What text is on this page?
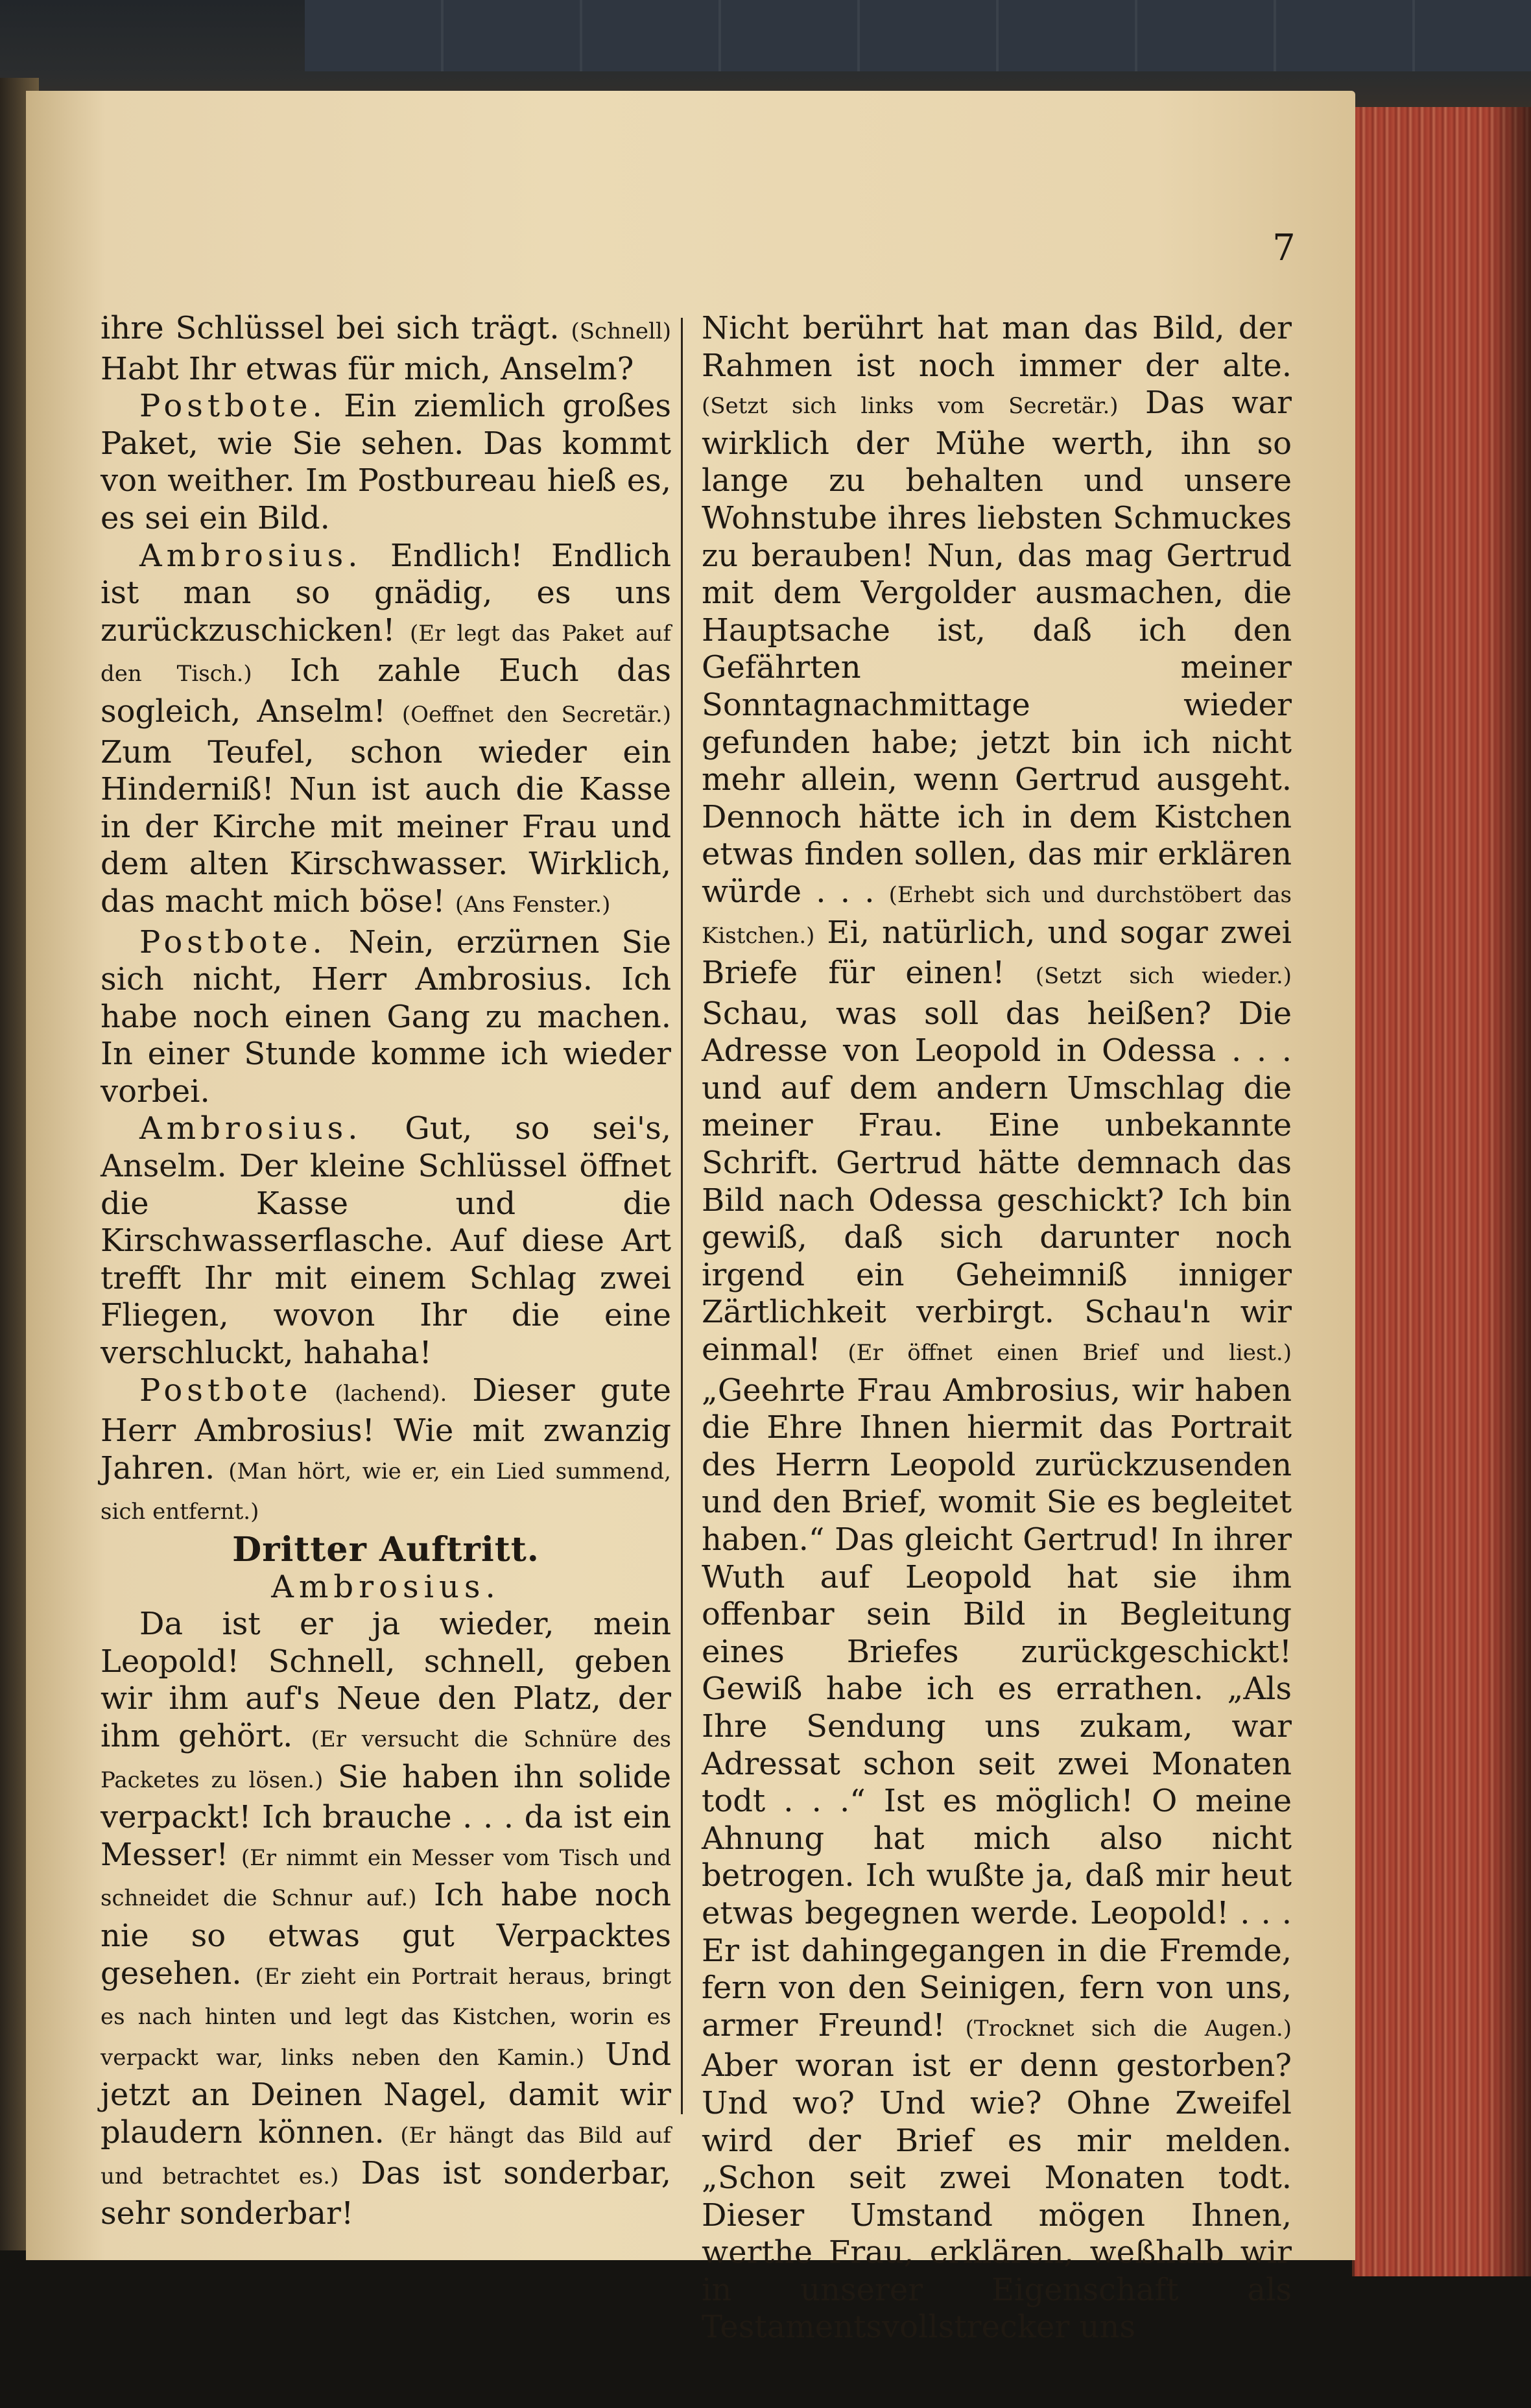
7

ihre Schlüssel bei sich trägt. (Schnell) Habt Ihr etwas für mich, Anselm?

Postbote. Ein ziemlich großes Paket, wie Sie sehen. Das kommt von weither. Im Postbureau hieß es, es sei ein Bild.

Ambrosius. Endlich! Endlich ist man so gnädig, es uns zurückzuschicken! (Er legt das Paket auf den Tisch.) Ich zahle Euch das sogleich, Anselm! (Oeffnet den Secretär.) Zum Teufel, schon wieder ein Hinderniß! Nun ist auch die Kasse in der Kirche mit meiner Frau und dem alten Kirschwasser. Wirklich, das macht mich böse! (Ans Fenster.)

Postbote. Nein, erzürnen Sie sich nicht, Herr Ambrosius. Ich habe noch einen Gang zu machen. In einer Stunde komme ich wieder vorbei.

Ambrosius. Gut, so sei's, Anselm. Der kleine Schlüssel öffnet die Kasse und die Kirschwasserflasche. Auf diese Art trefft Ihr mit einem Schlag zwei Fliegen, wovon Ihr die eine verschluckt, hahaha!

Postbote (lachend). Dieser gute Herr Ambrosius! Wie mit zwanzig Jahren. (Man hört, wie er, ein Lied summend, sich entfernt.)

Dritter Auftritt.

Ambrosius.

Da ist er ja wieder, mein Leopold! Schnell, schnell, geben wir ihm auf's Neue den Platz, der ihm gehört. (Er versucht die Schnüre des Packetes zu lösen.) Sie haben ihn solide verpackt! Ich brauche . . . da ist ein Messer! (Er nimmt ein Messer vom Tisch und schneidet die Schnur auf.) Ich habe noch nie so etwas gut Verpacktes gesehen. (Er zieht ein Portrait heraus, bringt es nach hinten und legt das Kistchen, worin es verpackt war, links neben den Kamin.) Und jetzt an Deinen Nagel, damit wir plaudern können. (Er hängt das Bild auf und betrachtet es.) Das ist sonderbar, sehr sonderbar!

Nicht berührt hat man das Bild, der Rahmen ist noch immer der alte. (Setzt sich links vom Secretär.) Das war wirklich der Mühe werth, ihn so lange zu behalten und unsere Wohnstube ihres liebsten Schmuckes zu berauben! Nun, das mag Gertrud mit dem Vergolder ausmachen, die Hauptsache ist, daß ich den Gefährten meiner Sonntagnachmittage wieder gefunden habe; jetzt bin ich nicht mehr allein, wenn Gertrud ausgeht. Dennoch hätte ich in dem Kistchen etwas finden sollen, das mir erklären würde . . . (Erhebt sich und durchstöbert das Kistchen.) Ei, natürlich, und sogar zwei Briefe für einen! (Setzt sich wieder.) Schau, was soll das heißen? Die Adresse von Leopold in Odessa . . . und auf dem andern Umschlag die meiner Frau. Eine unbekannte Schrift. Gertrud hätte demnach das Bild nach Odessa geschickt? Ich bin gewiß, daß sich darunter noch irgend ein Geheimniß inniger Zärtlichkeit verbirgt. Schau'n wir einmal! (Er öffnet einen Brief und liest.) „Geehrte Frau Ambrosius, wir haben die Ehre Ihnen hiermit das Portrait des Herrn Leopold zurückzusenden und den Brief, womit Sie es begleitet haben.“ Das gleicht Gertrud! In ihrer Wuth auf Leopold hat sie ihm offenbar sein Bild in Begleitung eines Briefes zurückgeschickt! Gewiß habe ich es errathen. „Als Ihre Sendung uns zukam, war Adressat schon seit zwei Monaten todt . . .“ Ist es möglich! O meine Ahnung hat mich also nicht betrogen. Ich wußte ja, daß mir heut etwas begegnen werde. Leopold! . . . Er ist dahingegangen in die Fremde, fern von den Seinigen, fern von uns, armer Freund! (Trocknet sich die Augen.) Aber woran ist er denn gestorben? Und wo? Und wie? Ohne Zweifel wird der Brief es mir melden. „Schon seit zwei Monaten todt. Dieser Umstand mögen Ihnen, werthe Frau, erklären, weßhalb wir in unserer Eigenschaft als Testamentsvollstrecker uns
